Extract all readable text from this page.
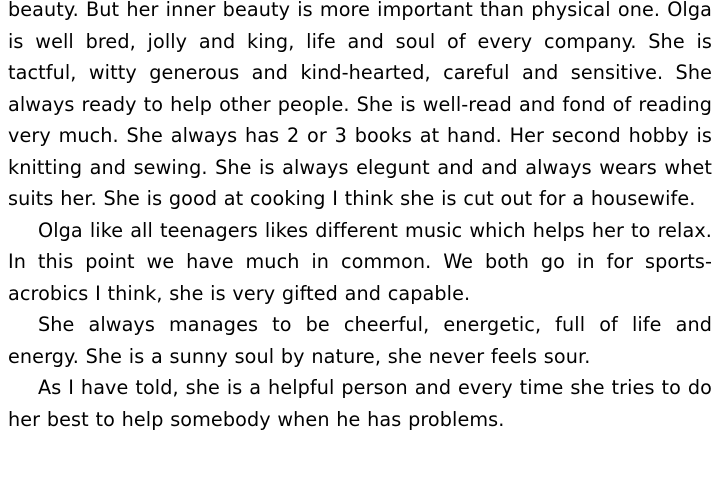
beauty. But her inner beauty is more important than physical one. Olga is well bred, jolly and king, life and soul of every company. She is tactful, witty generous and kind-hearted, careful and sensitive. She always ready to help other people. She is well-read and fond of reading very much. She always has 2 or 3 books at hand. Her second hobby is knitting and sewing. She is always elegunt and and always wears whet suits her. She is good at cooking I think she is cut out for a housewife.

Olga like all teenagers likes different music which helps her to relax. In this point we have much in common. We both go in for sports- acrobics I think, she is very gifted and capable.

She always manages to be cheerful, energetic, full of life and energy. She is a sunny soul by nature, she never feels sour.

As I have told, she is a helpful person and every time she tries to do her best to help somebody when he has problems.
